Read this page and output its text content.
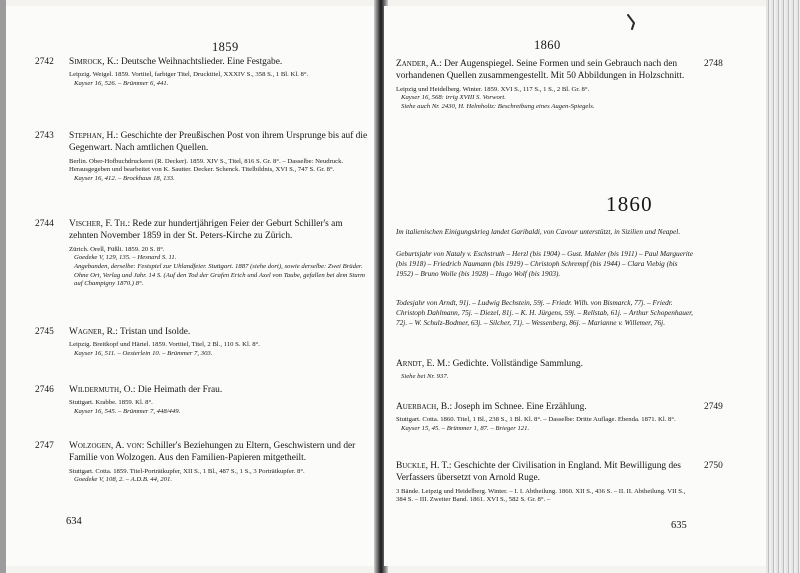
1859
2742 Simrock, K.: Deutsche Weihnachtslieder. Eine Festgabe.

Leipzig. Weigel. 1859. Vortitel, farbiger Titel, Drucktitel, XXXIV S., 358 S., 1 Bl. Kl. 8°.

Kayser 16, 526. – Brümmer 6, 441.

2743 Stephan, H.: Geschichte der Preußischen Post von ihrem Ursprunge bis auf die Gegenwart. Nach amtlichen Quellen.

Berlin. Ober-Hofbuchdruckerei (R. Decker). 1859. XIV S., Titel, 816 S. Gr. 8°. – Dasselbe: Neudruck. Herausgegeben und bearbeitet von K. Sautter. Decker. Schenck. Titelbildnis, XVI S., 747 S. Gr. 8°.

Kayser 16, 412. – Brockhaus 18, 133.

2744 Vischer, F. Th.: Rede zur hundertjährigen Feier der Geburt Schiller's am zehnten November 1859 in der St. Peters-Kirche zu Zürich.

Zürich. Orell, Füßli. 1859. 20 S. 8°.

Goedeke V, 129, 135. – Hesnard S. 11.

Angebunden, derselbe: Festspiel zur Uhlandfeier. Stuttgart. 1887 (siehe dort), sowie derselbe: Zwei Brüder. Ohne Ort, Verlag und Jahr. 14 S. (Auf den Tod der Grafen Erich und Axel von Taube, gefallen bei dem Sturm auf Champigny 1870.) 8°.

2745 Wagner, R.: Tristan und Isolde.

Leipzig. Breitkopf und Härtel. 1859. Vortitel, Titel, 2 Bl., 110 S. Kl. 8°.

Kayser 16, 511. – Oesterlein 10. – Brümmer 7, 303.

2746 Wildermuth, O.: Die Heimath der Frau.

Stuttgart. Krabbe. 1859. Kl. 8°.

Kayser 16, 545. – Brümmer 7, 448/449.

2747 Wolzogen, A. von: Schiller's Beziehungen zu Eltern, Geschwistern und der Familie von Wolzogen. Aus den Familien-Papieren mitgetheilt.

Stuttgart. Cotta. 1859. Titel-Porträtkupfer, XII S., 1 Bl., 487 S., 1 S., 3 Porträtkupfer. 8°.

Goedeke V, 108, 2. – A.D.B. 44, 201.

634
1860
2748

Zander, A.: Der Augenspiegel. Seine Formen und sein Gebrauch nach den vorhandenen Quellen zusammengestellt. Mit 50 Abbildungen in Holzschnitt.

Leipzig und Heidelberg. Winter. 1859. XVI S., 117 S., 1 S., 2 Bl. Gr. 8°.

Kayser 16, 568: irrig XVIII S. Vorwort.

Siehe auch Nr. 2430, H. Helmholtz: Beschreibung eines Augen-Spiegels.

1860

Im italienischen Einigungskrieg landet Garibaldi, von Cavour unterstützt, in Sizilien und Neapel.

Geburtsjahr von Nataly v. Eschstruth – Herzl (bis 1904) – Gust. Mahler (bis 1911) – Paul Marguerite (bis 1918) – Friedrich Naumann (bis 1919) – Christoph Schrempf (bis 1944) – Clara Viebig (bis 1952) – Bruno Wolle (bis 1928) – Hugo Wolf (bis 1903).

Todesjahr von Arndt, 91j. – Ludwig Bechstein, 59j. – Friedr. Wilh. von Bismarck, 77j. – Friedr. Christoph Dahlmann, 75j. – Diezel, 81j. – K. H. Jürgens, 59j. – Rellstab, 61j. – Arthur Schopenhauer, 72j. – W. Schulz-Bodmer, 63j. – Silcher, 71j. – Wessenberg, 86j. – Marianne v. Willemer, 76j.

Arndt, E. M.: Gedichte. Vollständige Sammlung.

Siehe bei Nr. 937.

2749

Auerbach, B.: Joseph im Schnee. Eine Erzählung.

Stuttgart. Cotta. 1860. Titel, 1 Bl., 238 S., 1 Bl. Kl. 8°. – Dasselbe: Dritte Auflage. Ebenda. 1871. Kl. 8°.

Kayser 15, 45. – Brümmer 1, 87. – Brieger 121.

2750

Buckle, H. T.: Geschichte der Civilisation in England. Mit Bewilligung des Verfassers übersetzt von Arnold Ruge.

3 Bände. Leipzig und Heidelberg. Winter. – I. I. Abtheilung. 1860. XII S., 436 S. – II. II. Abtheilung. VII S., 384 S. – III. Zweiter Band. 1861. XVI S., 582 S. Gr. 8°. –

635
